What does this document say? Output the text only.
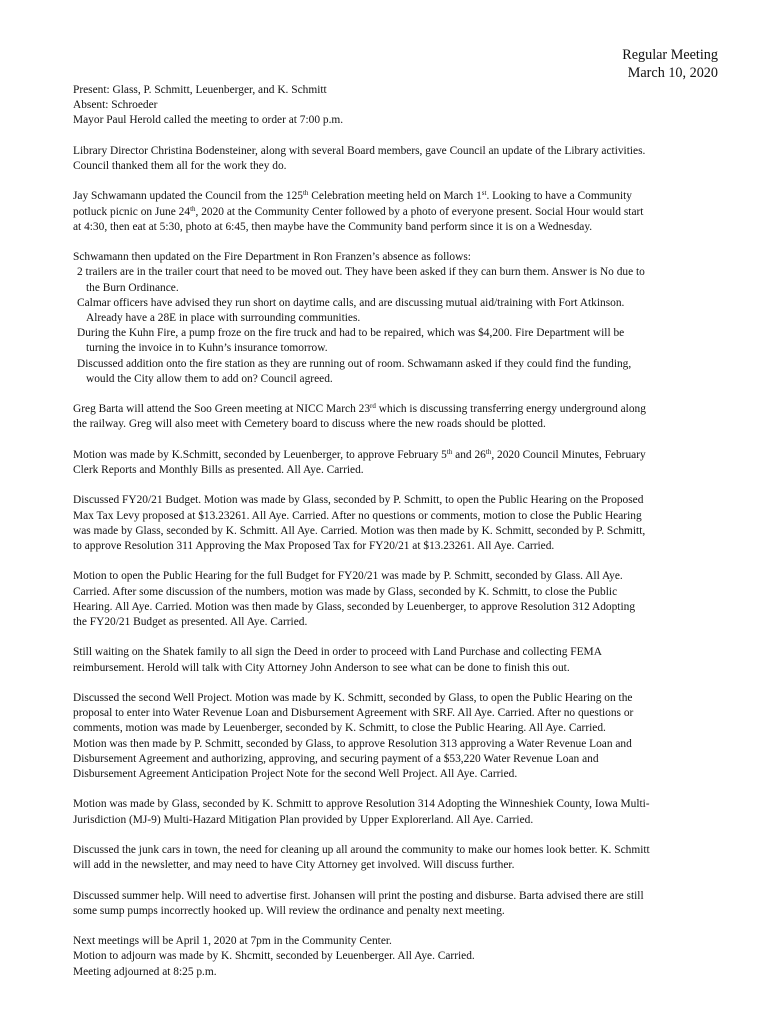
Regular Meeting
March 10, 2020

Present: Glass, P. Schmitt, Leuenberger, and K. Schmitt
Absent: Schroeder
Mayor Paul Herold called the meeting to order at 7:00 p.m.

Library Director Christina Bodensteiner, along with several Board members, gave Council an update of the Library activities.
Council thanked them all for the work they do.

Jay Schwamann updated the Council from the 125th Celebration meeting held on March 1st. Looking to have a Community
potluck picnic on June 24th, 2020 at the Community Center followed by a photo of everyone present. Social Hour would start
at 4:30, then eat at 5:30, photo at 6:45, then maybe have the Community band perform since it is on a Wednesday.

Schwamann then updated on the Fire Department in Ron Franzen’s absence as follows:
2 trailers are in the trailer court that need to be moved out. They have been asked if they can burn them. Answer is No due to
the Burn Ordinance.
Calmar officers have advised they run short on daytime calls, and are discussing mutual aid/training with Fort Atkinson.
Already have a 28E in place with surrounding communities.
During the Kuhn Fire, a pump froze on the fire truck and had to be repaired, which was $4,200. Fire Department will be
turning the invoice in to Kuhn’s insurance tomorrow.
Discussed addition onto the fire station as they are running out of room. Schwamann asked if they could find the funding,
would the City allow them to add on? Council agreed.

Greg Barta will attend the Soo Green meeting at NICC March 23rd which is discussing transferring energy underground along
the railway. Greg will also meet with Cemetery board to discuss where the new roads should be plotted.

Motion was made by K.Schmitt, seconded by Leuenberger, to approve February 5th and 26th, 2020 Council Minutes, February
Clerk Reports and Monthly Bills as presented. All Aye. Carried.

Discussed FY20/21 Budget. Motion was made by Glass, seconded by P. Schmitt, to open the Public Hearing on the Proposed
Max Tax Levy proposed at $13.23261. All Aye. Carried. After no questions or comments, motion to close the Public Hearing
was made by Glass, seconded by K. Schmitt. All Aye. Carried. Motion was then made by K. Schmitt, seconded by P. Schmitt,
to approve Resolution 311 Approving the Max Proposed Tax for FY20/21 at $13.23261. All Aye. Carried.

Motion to open the Public Hearing for the full Budget for FY20/21 was made by P. Schmitt, seconded by Glass. All Aye.
Carried. After some discussion of the numbers, motion was made by Glass, seconded by K. Schmitt, to close the Public
Hearing. All Aye. Carried. Motion was then made by Glass, seconded by Leuenberger, to approve Resolution 312 Adopting
the FY20/21 Budget as presented. All Aye. Carried.

Still waiting on the Shatek family to all sign the Deed in order to proceed with Land Purchase and collecting FEMA
reimbursement. Herold will talk with City Attorney John Anderson to see what can be done to finish this out.

Discussed the second Well Project. Motion was made by K. Schmitt, seconded by Glass, to open the Public Hearing on the
proposal to enter into Water Revenue Loan and Disbursement Agreement with SRF. All Aye. Carried. After no questions or
comments, motion was made by Leuenberger, seconded by K. Schmitt, to close the Public Hearing. All Aye. Carried.
Motion was then made by P. Schmitt, seconded by Glass, to approve Resolution 313 approving a Water Revenue Loan and
Disbursement Agreement and authorizing, approving, and securing payment of a $53,220 Water Revenue Loan and
Disbursement Agreement Anticipation Project Note for the second Well Project. All Aye. Carried.

Motion was made by Glass, seconded by K. Schmitt to approve Resolution 314 Adopting the Winneshiek County, Iowa Multi-
Jurisdiction (MJ-9) Multi-Hazard Mitigation Plan provided by Upper Explorerland. All Aye. Carried.

Discussed the junk cars in town, the need for cleaning up all around the community to make our homes look better. K. Schmitt
will add in the newsletter, and may need to have City Attorney get involved. Will discuss further.

Discussed summer help. Will need to advertise first. Johansen will print the posting and disburse. Barta advised there are still
some sump pumps incorrectly hooked up. Will review the ordinance and penalty next meeting.

Next meetings will be April 1, 2020 at 7pm in the Community Center.
Motion to adjourn was made by K. Shcmitt, seconded by Leuenberger. All Aye. Carried.
Meeting adjourned at 8:25 p.m.
